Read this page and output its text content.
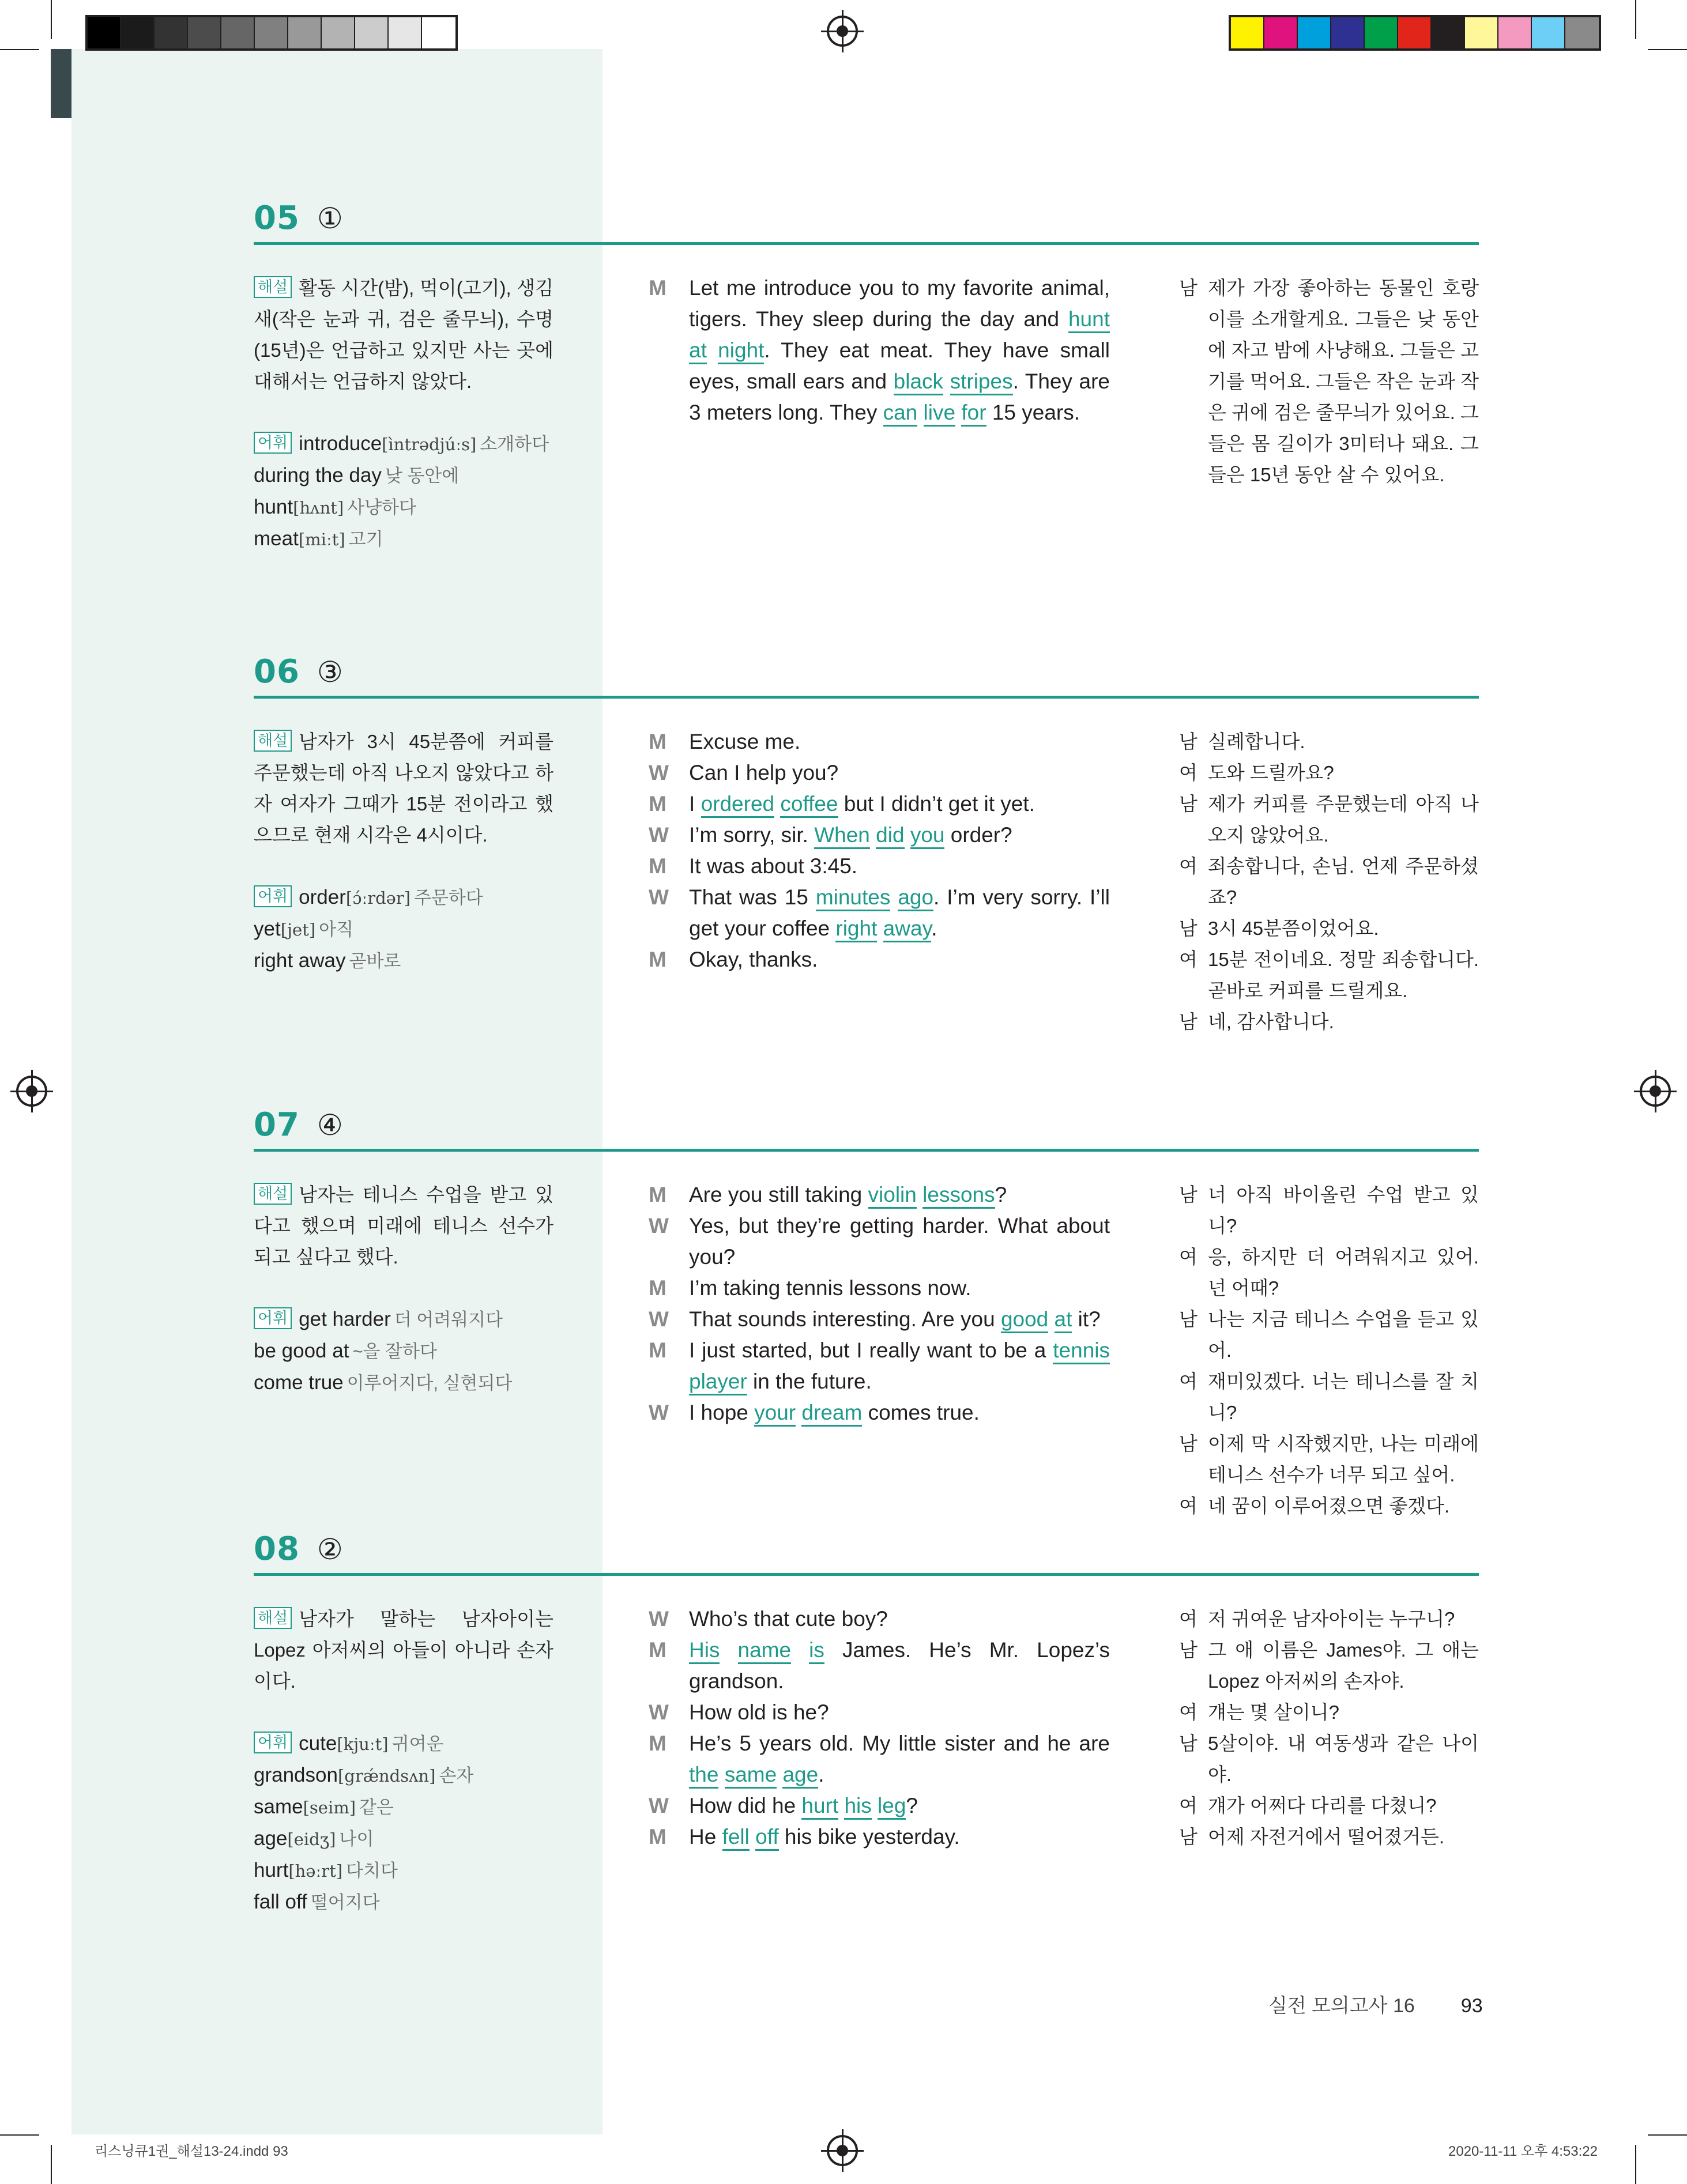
05 ①
해설 활동 시간(밤), 먹이(고기), 생김새(작은 눈과 귀, 검은 줄무늬), 수명(15년)은 언급하고 있지만 사는 곳에 대해서는 언급하지 않았다.
어휘 introduce[ìntrədjúːs] 소개하다
during the day 낮 동안에
hunt[hʌnt] 사냥하다
meat[miːt] 고기
M	Let me introduce you to my favorite animal, tigers. They sleep during the day and hunt at night. They eat meat. They have small eyes, small ears and black stripes. They are 3 meters long. They can live for 15 years.
남 제가 가장 좋아하는 동물인 호랑이를 소개할게요. 그들은 낮 동안에 자고 밤에 사냥해요. 그들은 고기를 먹어요. 그들은 작은 눈과 작은 귀에 검은 줄무늬가 있어요. 그들은 몸 길이가 3미터나 돼요. 그들은 15년 동안 살 수 있어요.
06 ③
해설 남자가 3시 45분쯤에 커피를 주문했는데 아직 나오지 않았다고 하자 여자가 그때가 15분 전이라고 했으므로 현재 시각은 4시이다.
어휘 order[ɔ́ːrdər] 주문하다
yet[jet] 아직
right away 곧바로
M	Excuse me.
W Can I help you?
M	I ordered coffee but I didn’t get it yet.
W I’m sorry, sir. When did you order?
M	It was about 3:45.
W That was 15 minutes ago. I’m very sorry. I’ll get your coffee right away.
M	Okay, thanks.
남 실례합니다.
여 도와 드릴까요?
남 제가 커피를 주문했는데 아직 나오지 않았어요.
여 죄송합니다, 손님. 언제 주문하셨죠?
남 3시 45분쯤이었어요.
여 15분 전이네요. 정말 죄송합니다. 곧바로 커피를 드릴게요.
남 네, 감사합니다.
07 ④
해설 남자는 테니스 수업을 받고 있다고 했으며 미래에 테니스 선수가 되고 싶다고 했다.
어휘 get harder 더 어려워지다
be good at ~을 잘하다
come true 이루어지다, 실현되다
M	Are you still taking violin lessons?
W Yes, but they’re getting harder. What about you?
M	I’m taking tennis lessons now.
W That sounds interesting. Are you good at it?
M	I just started, but I really want to be a tennis player in the future.
W I hope your dream comes true.
남 너 아직 바이올린 수업 받고 있니?
여 응, 하지만 더 어려워지고 있어. 넌 어때?
남 나는 지금 테니스 수업을 듣고 있어.
여 재미있겠다. 너는 테니스를 잘 치니?
남 이제 막 시작했지만, 나는 미래에 테니스 선수가 너무 되고 싶어.
여 네 꿈이 이루어졌으면 좋겠다.
08 ②
해설 남자가 말하는 남자아이는 Lopez 아저씨의 아들이 아니라 손자이다.
어휘 cute[kjuːt] 귀여운
grandson[grǽndsʌn] 손자
same[seim] 같은
age[eidʒ] 나이
hurt[həːrt] 다치다
fall off 떨어지다
W Who’s that cute boy?
M	His name is James. He’s Mr. Lopez’s grandson.
W How old is he?
M	He’s 5 years old. My little sister and he are the same age.
W How did he hurt his leg?
M	He fell off his bike yesterday.
여 저 귀여운 남자아이는 누구니?
남 그 애 이름은 James야. 그 애는 Lopez 아저씨의 손자야.
여 걔는 몇 살이니?
남 5살이야. 내 여동생과 같은 나이야.
여 걔가 어쩌다 다리를 다쳤니?
남 어제 자전거에서 떨어졌거든.
실전 모의고사 16 93
리스닝큐1권_해설13-24.indd 93	2020-11-11 오후 4:53:22
